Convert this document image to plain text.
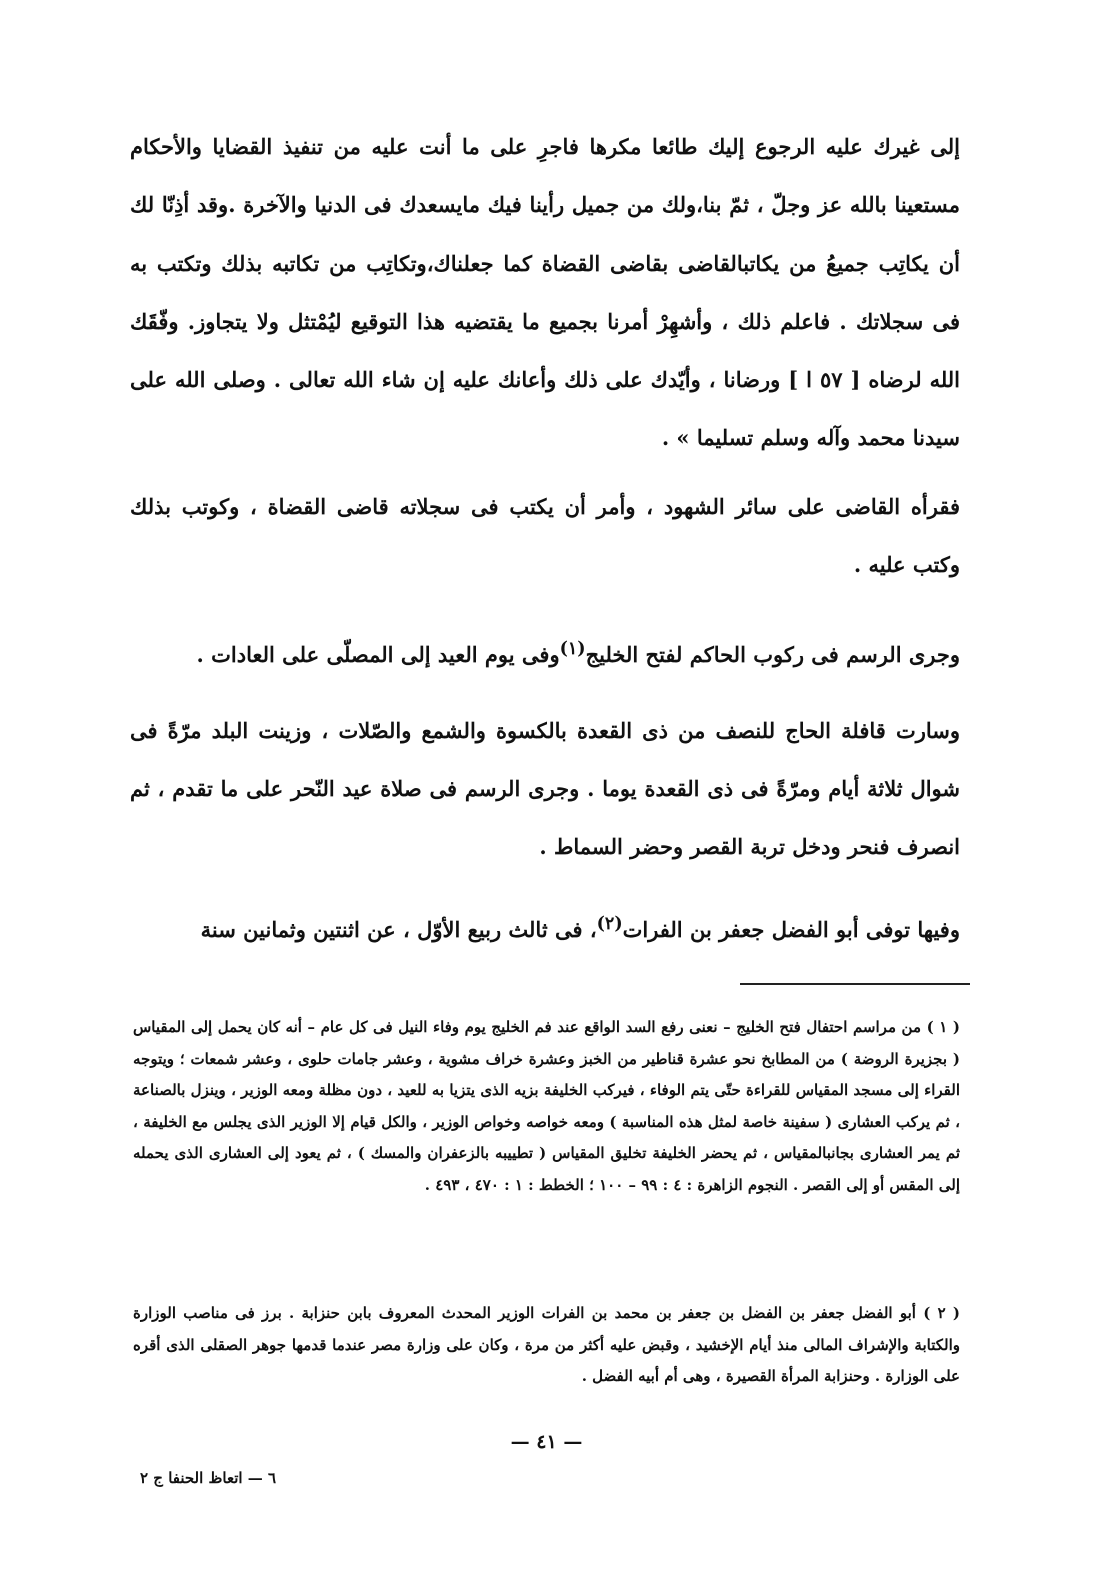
إلى غيرك عليه الرجوع إليك طائعا مكرها فاجرِ على ما أنت عليه من تنفيذ القضايا والأحكام مستعينا بالله عز وجلّ ، ثمّ بنا،ولك من جميل رأينا فيك مايسعدك فى الدنيا والآخرة .وقد أذِنّا لك أن يكاتِب جميعُ من يكاتبالقاضى بقاضى القضاة كما جعلناك،وتكاتِب من تكاتبه بذلك وتكتب به فى سجلاتك . فاعلم ذلك ، وأشهِرْ أمرنا بجميع ما يقتضيه هذا التوقيع ليُمْتثل ولا يتجاوز. وفّقَك الله لرضاه [ ٥٧ ا ] ورضانا ، وأيّدك على ذلك وأعانك عليه إن شاء الله تعالى . وصلى الله على سيدنا محمد وآله وسلم تسليما » .
فقرأه القاضى على سائر الشهود ، وأمر أن يكتب فى سجلاته قاضى القضاة ، وكوتب بذلك وكتب عليه .
وجرى الرسم فى ركوب الحاكم لفتح الخليج$^{(١)}$وفى يوم العيد إلى المصلّى على العادات .
وسارت قافلة الحاج للنصف من ذى القعدة بالكسوة والشمع والصّلات ، وزينت البلد مرّةً فى شوال ثلاثة أيام ومرّةً فى ذى القعدة يوما . وجرى الرسم فى صلاة عيد النّحر على ما تقدم ، ثم انصرف فنحر ودخل تربة القصر وحضر السماط .
وفيها توفى أبو الفضل جعفر بن الفرات$^{(٢)}$، فى ثالث ربيع الأوّل ، عن اثنتين وثمانين سنة
( ١ ) من مراسم احتفال فتح الخليج – نعنى رفع السد الواقع عند فم الخليج يوم وفاء النيل فى كل عام – أنه كان يحمل إلى المقياس ( بجزيرة الروضة ) من المطابخ نحو عشرة قناطير من الخبز وعشرة خراف مشوية ، وعشر جامات حلوى ، وعشر شمعات ؛ ويتوجه القراء إلى مسجد المقياس للقراءة حتّى يتم الوفاء ، فيركب الخليفة بزيه الذى يتزيا به للعيد ، دون مظلة ومعه الوزير ، وينزل بالصناعة ، ثم يركب العشارى ( سفينة خاصة لمثل هذه المناسبة ) ومعه خواصه وخواص الوزير ، والكل قيام إلا الوزير الذى يجلس مع الخليفة ، ثم يمر العشارى بجانبالمقياس ، ثم يحضر الخليفة تخليق المقياس ( تطييبه بالزعفران والمسك ) ، ثم يعود إلى العشارى الذى يحمله إلى المقس أو إلى القصر . النجوم الزاهرة : ٤ : ٩٩ – ١٠٠ ؛ الخطط : ١ : ٤٧٠ ، ٤٩٣ .
( ٢ ) أبو الفضل جعفر بن الفضل بن جعفر بن محمد بن الفرات الوزير المحدث المعروف بابن حنزابة . برز فى مناصب الوزارة والكتابة والإشراف المالى منذ أيام الإخشيد ، وقبض عليه أكثر من مرة ، وكان على وزارة مصر عندما قدمها جوهر الصقلى الذى أقره على الوزارة . وحنزابة المرأة القصيرة ، وهى أم أبيه الفضل .
— ٤١ —
٦ — اتعاظ الحنفا ج ٢
